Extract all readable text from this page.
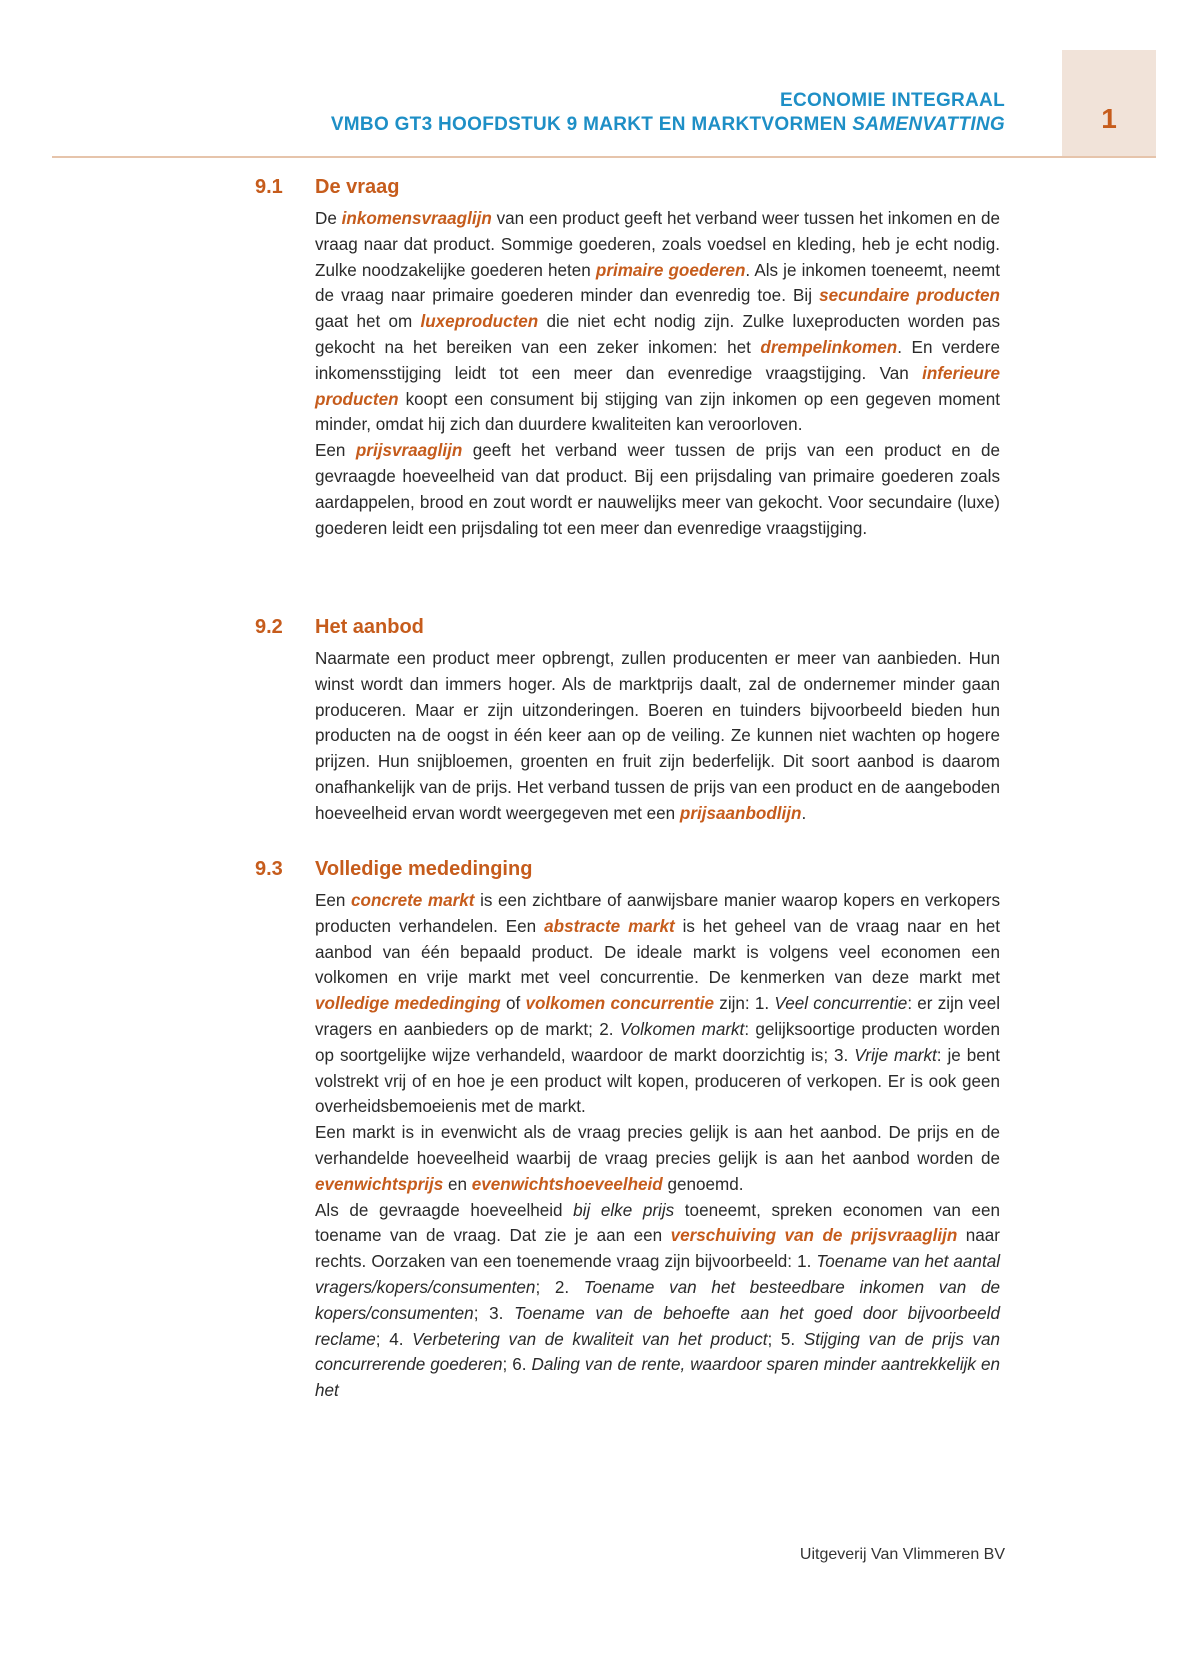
ECONOMIE INTEGRAAL
VMBO GT3 HOOFDSTUK 9 MARKT EN MARKTVORMEN SAMENVATTING	1
9.1 De vraag

De inkomensvraaglijn van een product geeft het verband weer tussen het inkomen en de vraag naar dat product. Sommige goederen, zoals voedsel en kleding, heb je echt nodig. Zulke noodzakelijke goederen heten primaire goederen. Als je inkomen toeneemt, neemt de vraag naar primaire goederen minder dan evenredig toe. Bij secundaire producten gaat het om luxeproducten die niet echt nodig zijn. Zulke luxeproducten worden pas gekocht na het bereiken van een zeker inkomen: het drempelinkomen. En verdere inkomensstijging leidt tot een meer dan evenredige vraagstijging. Van inferieure producten koopt een consument bij stijging van zijn inkomen op een gegeven moment minder, omdat hij zich dan duurdere kwaliteiten kan veroorloven.

Een prijsvraaglijn geeft het verband weer tussen de prijs van een product en de gevraagde hoeveelheid van dat product. Bij een prijsdaling van primaire goederen zoals aardappelen, brood en zout wordt er nauwelijks meer van gekocht. Voor secundaire (luxe) goederen leidt een prijsdaling tot een meer dan evenredige vraagstijging.

9.2 Het aanbod

Naarmate een product meer opbrengt, zullen producenten er meer van aanbieden. Hun winst wordt dan immers hoger. Als de marktprijs daalt, zal de ondernemer minder gaan produceren. Maar er zijn uitzonderingen. Boeren en tuinders bijvoorbeeld bieden hun producten na de oogst in één keer aan op de veiling. Ze kunnen niet wachten op hogere prijzen. Hun snijbloemen, groenten en fruit zijn bederfelijk. Dit soort aanbod is daarom onafhankelijk van de prijs. Het verband tussen de prijs van een product en de aangeboden hoeveelheid ervan wordt weergegeven met een prijsaanbodlijn.

9.3 Volledige mededinging

Een concrete markt is een zichtbare of aanwijsbare manier waarop kopers en verkopers producten verhandelen. Een abstracte markt is het geheel van de vraag naar en het aanbod van één bepaald product. De ideale markt is volgens veel economen een volkomen en vrije markt met veel concurrentie. De kenmerken van deze markt met volledige mededinging of volkomen concurrentie zijn: 1. Veel concurrentie: er zijn veel vragers en aanbieders op de markt; 2. Volkomen markt: gelijksoortige producten worden op soortgelijke wijze verhandeld, waardoor de markt doorzichtig is; 3. Vrije markt: je bent volstrekt vrij of en hoe je een product wilt kopen, produceren of verkopen. Er is ook geen overheidsbemoeienis met de markt.

Een markt is in evenwicht als de vraag precies gelijk is aan het aanbod. De prijs en de verhandelde hoeveelheid waarbij de vraag precies gelijk is aan het aanbod worden de evenwichtsprijs en evenwichtshoeveelheid genoemd.

Als de gevraagde hoeveelheid bij elke prijs toeneemt, spreken economen van een toename van de vraag. Dat zie je aan een verschuiving van de prijsvraaglijn naar rechts. Oorzaken van een toenemende vraag zijn bijvoorbeeld: 1. Toename van het aantal vragers/kopers/consumenten; 2. Toename van het besteedbare inkomen van de kopers/consumenten; 3. Toename van de behoefte aan het goed door bijvoorbeeld reclame; 4. Verbetering van de kwaliteit van het product; 5. Stijging van de prijs van concurrerende goederen; 6. Daling van de rente, waardoor sparen minder aantrekkelijk en het

Uitgeverij Van Vlimmeren BV
